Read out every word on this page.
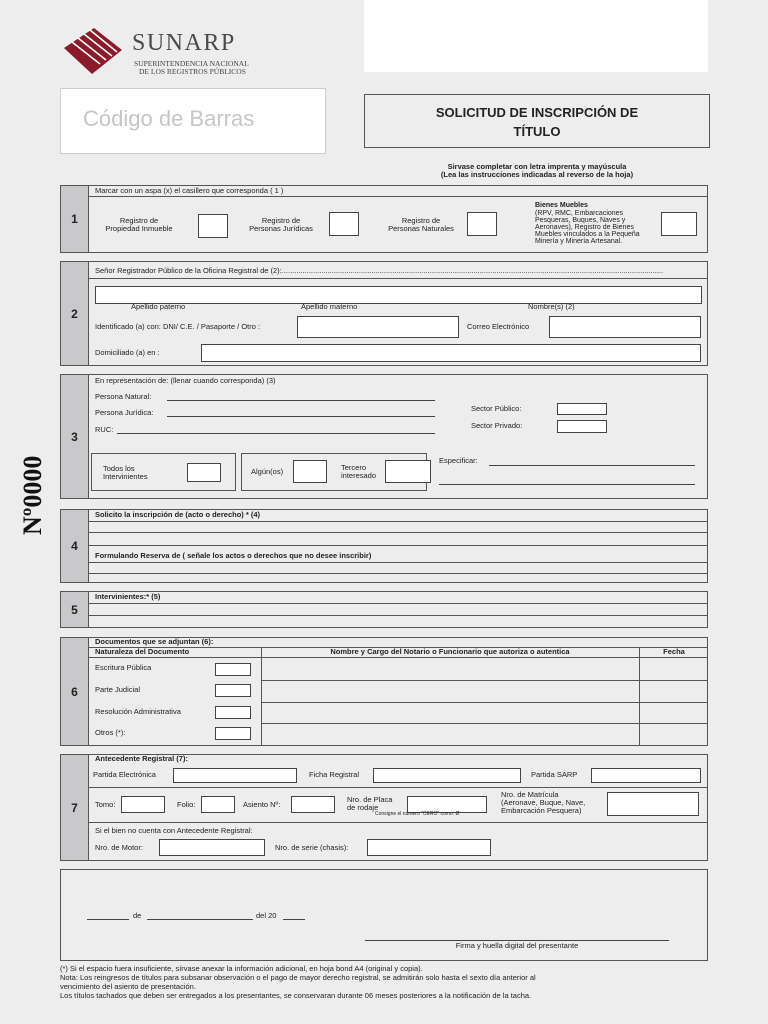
SUNARP
SUPERINTENDENCIA NACIONAL
DE LOS REGISTROS PÚBLICOS
Código de Barras	SOLICITUD DE INSCRIPCIÓN DE
TÍTULO
Sirvase completar con letra imprenta y mayúscula
(Lea las instrucciones indicadas al reverso de la hoja)
Nº0000
1
Marcar con un aspa (x) el casillero que corresponda ( 1 )
Registro de
Propiedad Inmueble
Registro de
Personas Jurídicas
Registro de
Personas Naturales
Bienes Muebles
(RPV, RMC, Embarcaciones
Pesqueras, Buques, Naves y
Aeronaves), Registro de Bienes
Muebles vinculados a la Pequeña
Minería y Minería Artesanal.
2
Señor Registrador Público de la Oficina Registral de (2):.......................................................................................................................................................................................
Apellido paterno	Apellido materno	Nombre(s) (2)
Identificado (a) con: DNI/ C.E. / Pasaporte / Otro :	Correo Electrónico
Domiciliado (a) en :
3
En representación de: (llenar cuando corresponda) (3)
Persona Natural:
Persona Jurídica:
RUC:
Sector Público:
Sector Privado:
Todos los
Intervinientes
Algún(os)	Tercero
interesado
Especificar:
4
Solicito la inscripción de (acto o derecho) * (4)
Formulando Reserva de ( señale los actos o derechos que no desee inscribir)
5
Intervinientes:* (5)
6
Documentos que se adjuntan (6):
Naturaleza del Documento	Nombre y Cargo del Notario o Funcionario que autoriza o autentica	Fecha
Escritura Pública
Parte Judicial
Resolución Administrativa
Otros (*):
7
Antecedente Registral (7):
Partida Electrónica	Ficha Registral	Partida SARP
Tomo:	Folio:	Asiento Nº:
Nro. de Placa
de rodaje
Consigne el número "CERO" como: Ø
Nro. de Matrícula
(Aeronave, Buque, Nave,
Embarcación Pesquera)
Si el bien no cuenta con Antecedente Registral:
Nro. de Motor:	Nro. de serie (chasis):
de	del 20
Firma y huella digital del presentante
(*) Si el espacio fuera insuficiente, sírvase anexar la información adicional, en hoja bond A4 (original y copia).
Nota: Los reingresos de títulos para subsanar observación o el pago de mayor derecho registral, se admitirán solo hasta el sexto día anterior al
vencimiento del asiento de presentación.
Los títulos tachados que deben ser entregados a los presentantes, se conservaran durante 06 meses posteriores a la notificación de la tacha.
